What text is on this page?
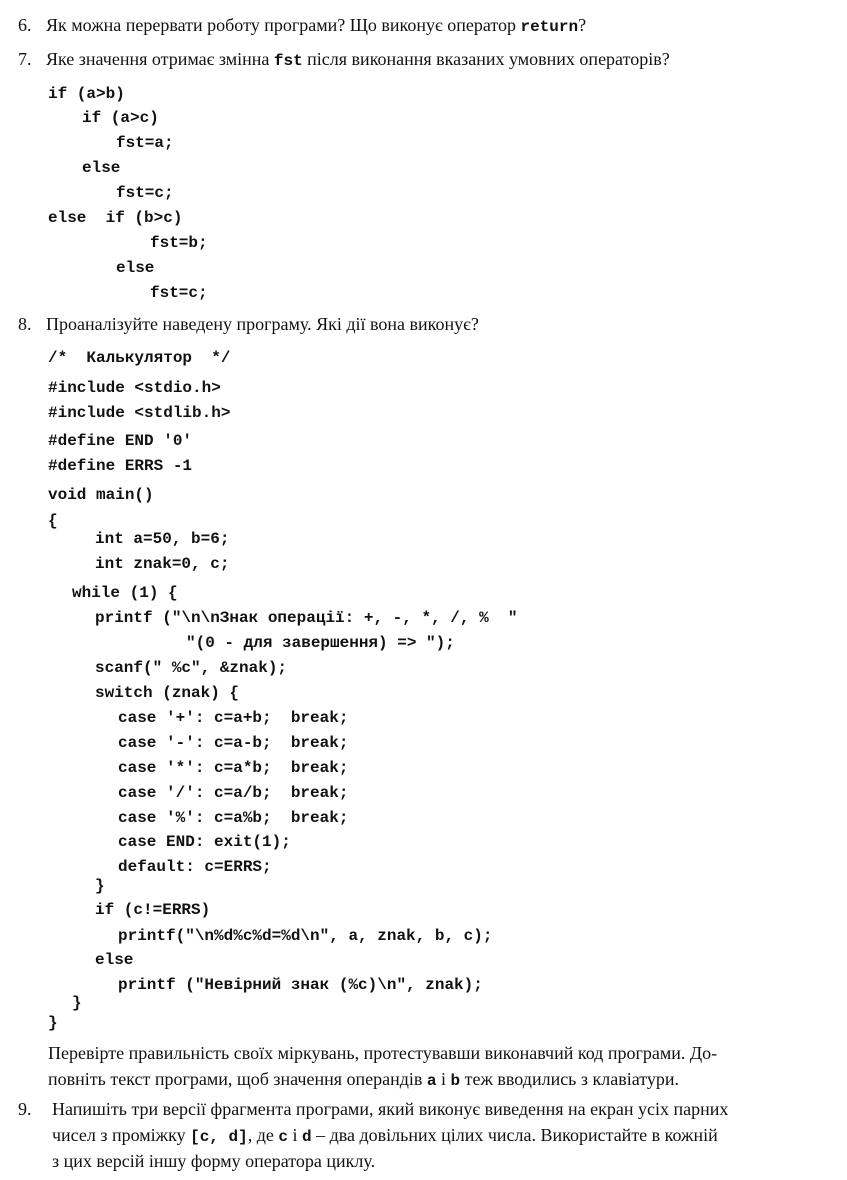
6. Як можна перервати роботу програми? Що виконує оператор return?
7. Яке значення отримає змінна fst після виконання вказаних умовних операторів?
if (a>b)
if (a>c)
fst=a;
else
fst=c;
else  if (b>c)
fst=b;
else
fst=c;
8. Проаналізуйте наведену програму. Які дії вона виконує?
/*  Калькулятор  */
#include <stdio.h>
#include <stdlib.h>
#define END '0'
#define ERRS -1
void main()
{
int a=50, b=6;
int znak=0, c;
while (1) {
printf ("\n\nЗнак операції: +, -, *, /, %  "
"(0 - для завершення) => ");
scanf(" %c", &znak);
switch (znak) {
case '+': c=a+b;  break;
case '-': c=a-b;  break;
case '*': c=a*b;  break;
case '/': c=a/b;  break;
case '%': c=a%b;  break;
case END: exit(1);
default: c=ERRS;
}
if (c!=ERRS)
printf("\n%d%c%d=%d\n", a, znak, b, c);
else
printf ("Невірний знак (%c)\n", znak);
}
}
Перевірте правильність своїх міркувань, протестувавши виконавчий код програми. До-
повніть текст програми, щоб значення операндів a і b теж вводились з клавіатури.
9. Напишіть три версії фрагмента програми, який виконує виведення на екран усіх парних
чисел з проміжку [c, d], де c і d – два довільних цілих числа. Використайте в кожній
з цих версій іншу форму оператора циклу.
